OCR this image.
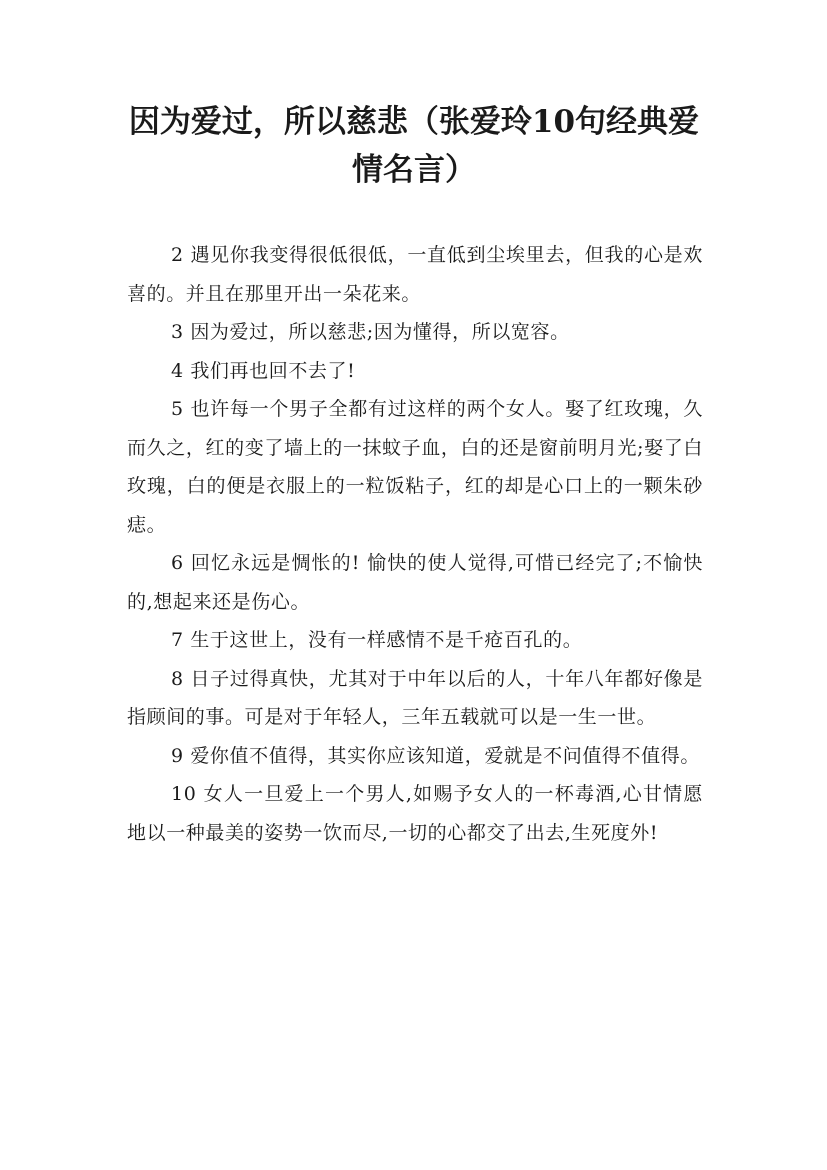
因为爱过，所以慈悲（张爱玲10句经典爱情名言）

2 遇见你我变得很低很低，一直低到尘埃里去，但我的心是欢喜的。并且在那里开出一朵花来。

3 因为爱过，所以慈悲;因为懂得，所以宽容。

4 我们再也回不去了!

5 也许每一个男子全都有过这样的两个女人。娶了红玫瑰，久而久之，红的变了墙上的一抹蚊子血，白的还是窗前明月光;娶了白玫瑰，白的便是衣服上的一粒饭粘子，红的却是心口上的一颗朱砂痣。

6 回忆永远是惆怅的! 愉快的使人觉得,可惜已经完了;不愉快的,想起来还是伤心。

7 生于这世上，没有一样感情不是千疮百孔的。

8 日子过得真快，尤其对于中年以后的人，十年八年都好像是指顾间的事。可是对于年轻人，三年五载就可以是一生一世。

9 爱你值不值得，其实你应该知道，爱就是不问值得不值得。

10 女人一旦爱上一个男人,如赐予女人的一杯毒酒,心甘情愿地以一种最美的姿势一饮而尽,一切的心都交了出去,生死度外!
